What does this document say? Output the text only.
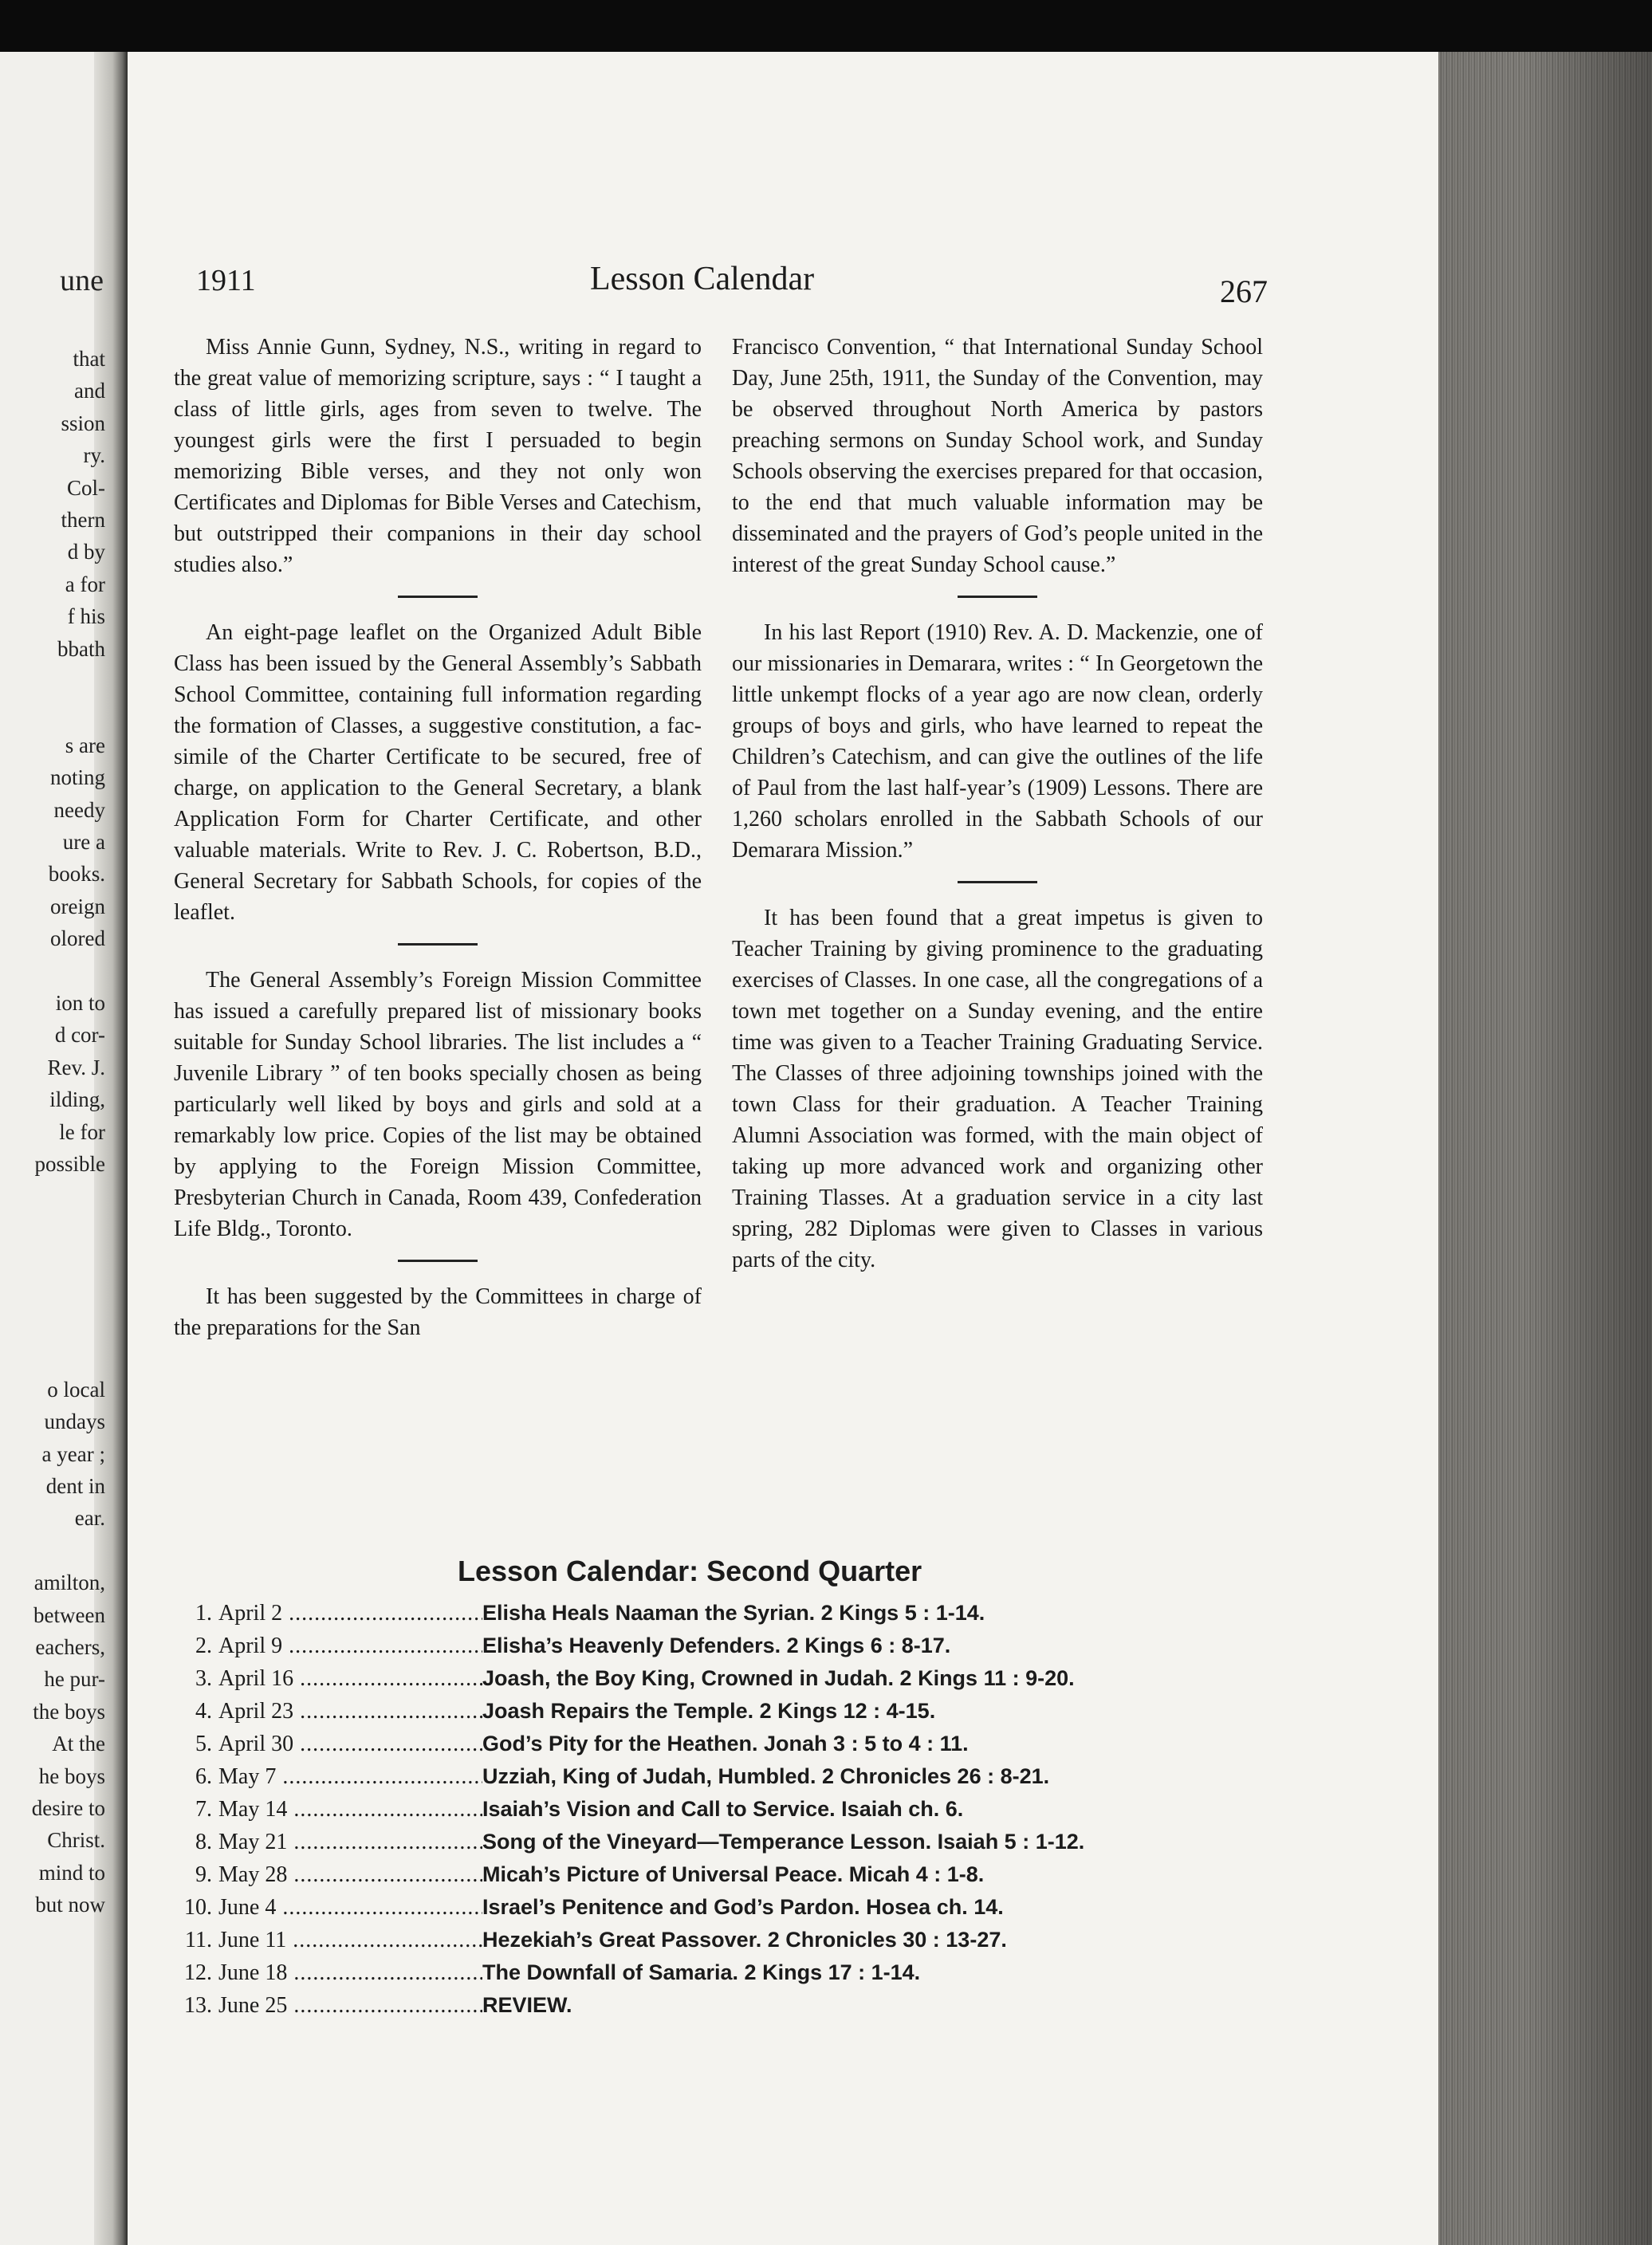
une
that
and
ssion
ry.
Col-
thern
d by
a for
f his
bbath
s are
noting
needy
ure a
books.
oreign
olored
ion to
d cor-
Rev. J.
ilding,
le for
possible
o local
undays
a year ;
dent in
ear.
amilton,
between
eachers,
he pur-
the boys
At the
he boys
desire to
Christ.
mind to
but now
1911	Lesson Calendar	267

Miss Annie Gunn, Sydney, N.S., writing in regard to the great value of memorizing scripture, says : “ I taught a class of little girls, ages from seven to twelve. The youngest girls were the first I persuaded to begin memorizing Bible verses, and they not only won Certificates and Diplomas for Bible Verses and Catechism, but outstripped their companions in their day school studies also.”

An eight-page leaflet on the Organized Adult Bible Class has been issued by the General Assembly’s Sabbath School Committee, containing full information regarding the formation of Classes, a suggestive constitution, a fac-simile of the Charter Certificate to be secured, free of charge, on application to the General Secretary, a blank Application Form for Charter Certificate, and other valuable materials. Write to Rev. J. C. Robertson, B.D., General Secretary for Sabbath Schools, for copies of the leaflet.

The General Assembly’s Foreign Mission Committee has issued a carefully prepared list of missionary books suitable for Sunday School libraries. The list includes a “ Juvenile Library ” of ten books specially chosen as being particularly well liked by boys and girls and sold at a remarkably low price. Copies of the list may be obtained by applying to the Foreign Mission Committee, Presbyterian Church in Canada, Room 439, Confederation Life Bldg., Toronto.

It has been suggested by the Committees in charge of the preparations for the San

Francisco Convention, “ that International Sunday School Day, June 25th, 1911, the Sunday of the Convention, may be observed throughout North America by pastors preaching sermons on Sunday School work, and Sunday Schools observing the exercises prepared for that occasion, to the end that much valuable information may be disseminated and the prayers of God’s people united in the interest of the great Sunday School cause.”

In his last Report (1910) Rev. A. D. Mackenzie, one of our missionaries in Demarara, writes : “ In Georgetown the little unkempt flocks of a year ago are now clean, orderly groups of boys and girls, who have learned to repeat the Children’s Catechism, and can give the outlines of the life of Paul from the last half-year’s (1909) Lessons. There are 1,260 scholars enrolled in the Sabbath Schools of our Demarara Mission.”

It has been found that a great impetus is given to Teacher Training by giving prominence to the graduating exercises of Classes. In one case, all the congregations of a town met together on a Sunday evening, and the entire time was given to a Teacher Training Graduating Service. The Classes of three adjoining townships joined with the town Class for their graduation. A Teacher Training Alumni Association was formed, with the main object of taking up more advanced work and organizing other Training Tlasses. At a graduation service in a city last spring, 282 Diplomas were given to Classes in various parts of the city.

Lesson Calendar: Second Quarter
1. April 2 .....	Elisha Heals Naaman the Syrian. 2 Kings 5 : 1-14.
2. April 9 .....	Elisha’s Heavenly Defenders. 2 Kings 6 : 8-17.
3. April 16 .....	Joash, the Boy King, Crowned in Judah. 2 Kings 11 : 9-20.
4. April 23 .....	Joash Repairs the Temple. 2 Kings 12 : 4-15.
5. April 30 .....	God’s Pity for the Heathen. Jonah 3 : 5 to 4 : 11.
6. May 7 .....	Uzziah, King of Judah, Humbled. 2 Chronicles 26 : 8-21.
7. May 14 .....	Isaiah’s Vision and Call to Service. Isaiah ch. 6.
8. May 21 .....	Song of the Vineyard—Temperance Lesson. Isaiah 5 : 1-12.
9. May 28 .....	Micah’s Picture of Universal Peace. Micah 4 : 1-8.
10. June 4 .....	Israel’s Penitence and God’s Pardon. Hosea ch. 14.
11. June 11 .....	Hezekiah’s Great Passover. 2 Chronicles 30 : 13-27.
12. June 18 .....	The Downfall of Samaria. 2 Kings 17 : 1-14.
13. June 25 .....	REVIEW.
